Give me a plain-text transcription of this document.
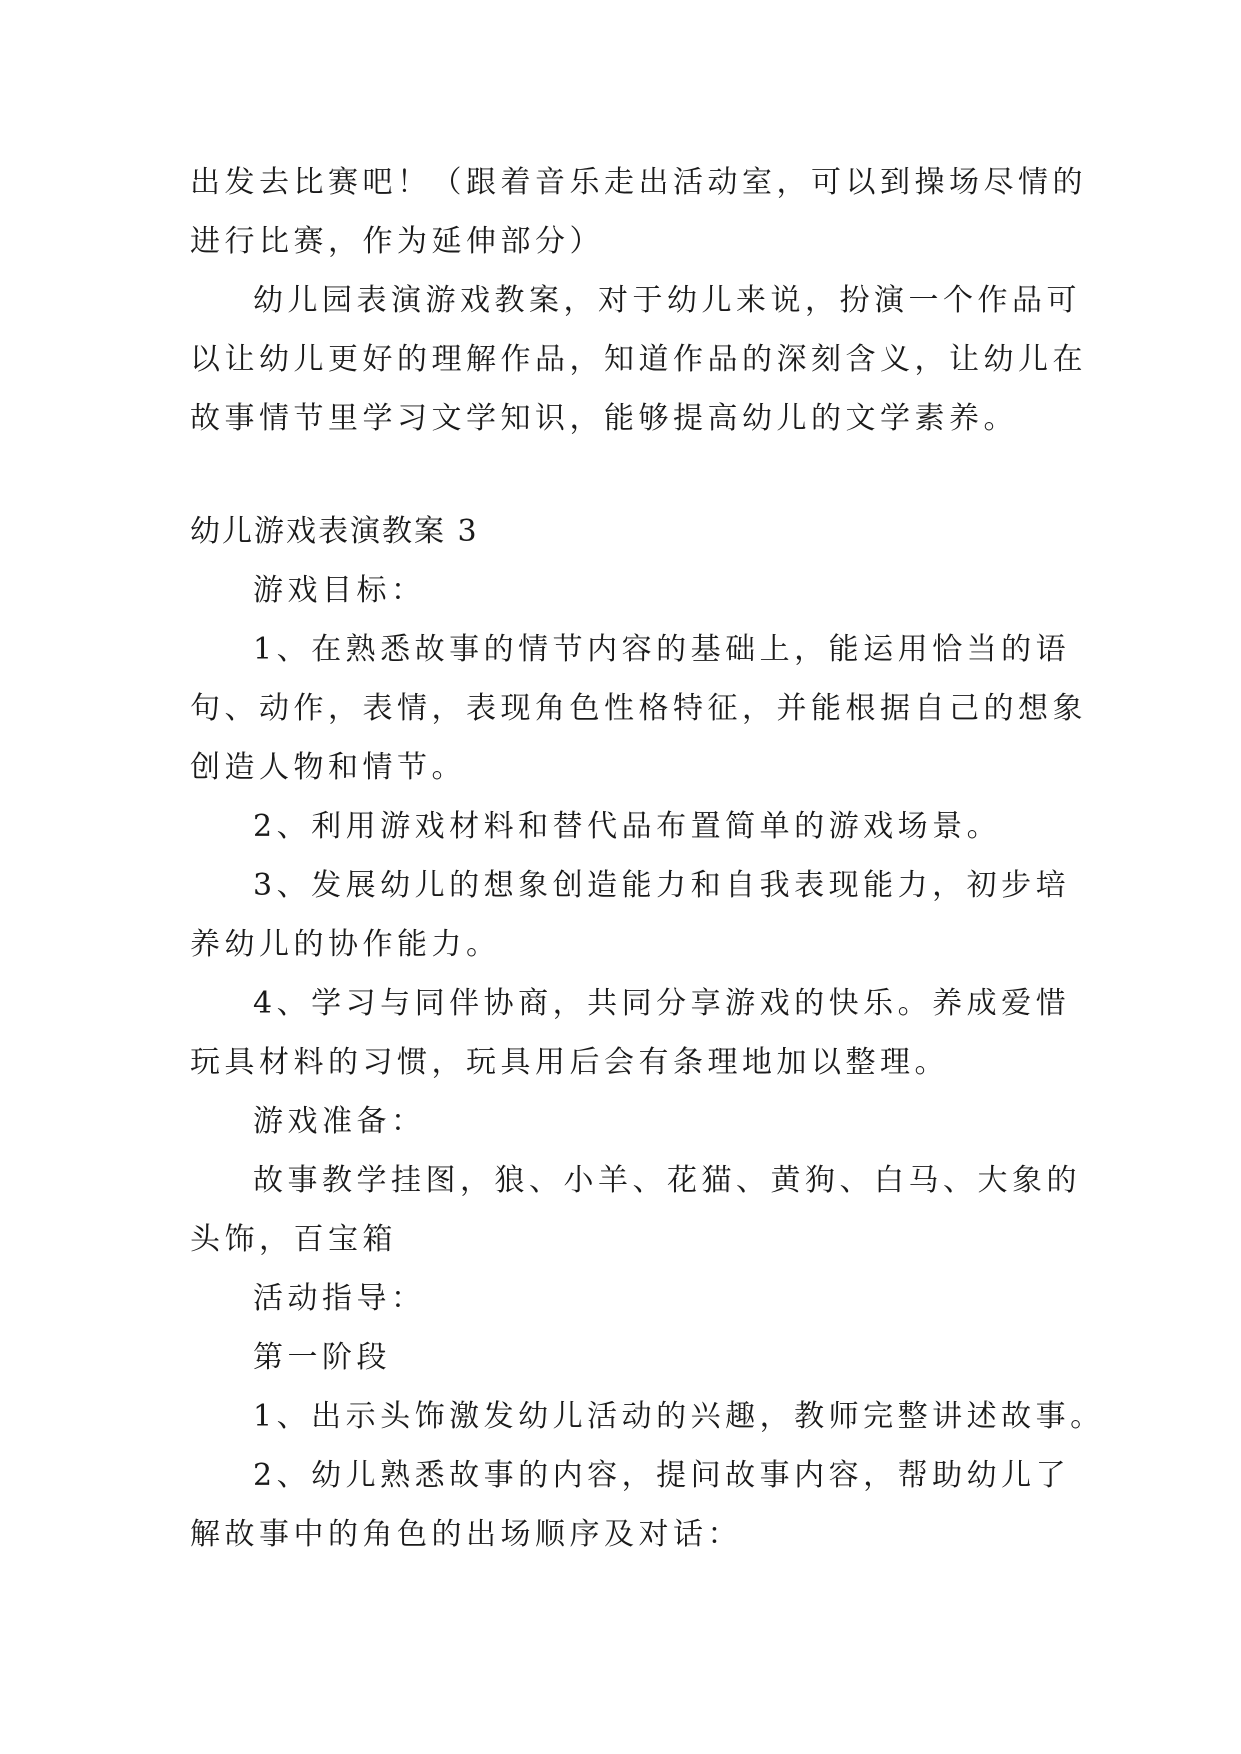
出发去比赛吧！（跟着音乐走出活动室，可以到操场尽情的
进行比赛，作为延伸部分）
幼儿园表演游戏教案，对于幼儿来说，扮演一个作品可
以让幼儿更好的理解作品，知道作品的深刻含义，让幼儿在
故事情节里学习文学知识，能够提高幼儿的文学素养。
幼儿游戏表演教案 3
游戏目标：
1、在熟悉故事的情节内容的基础上，能运用恰当的语
句、动作，表情，表现角色性格特征，并能根据自己的想象
创造人物和情节。
2、利用游戏材料和替代品布置简单的游戏场景。
3、发展幼儿的想象创造能力和自我表现能力，初步培
养幼儿的协作能力。
4、学习与同伴协商，共同分享游戏的快乐。养成爱惜
玩具材料的习惯，玩具用后会有条理地加以整理。
游戏准备：
故事教学挂图，狼、小羊、花猫、黄狗、白马、大象的
头饰，百宝箱
活动指导：
第一阶段
1、出示头饰激发幼儿活动的兴趣，教师完整讲述故事。
2、幼儿熟悉故事的内容，提问故事内容，帮助幼儿了
解故事中的角色的出场顺序及对话：
